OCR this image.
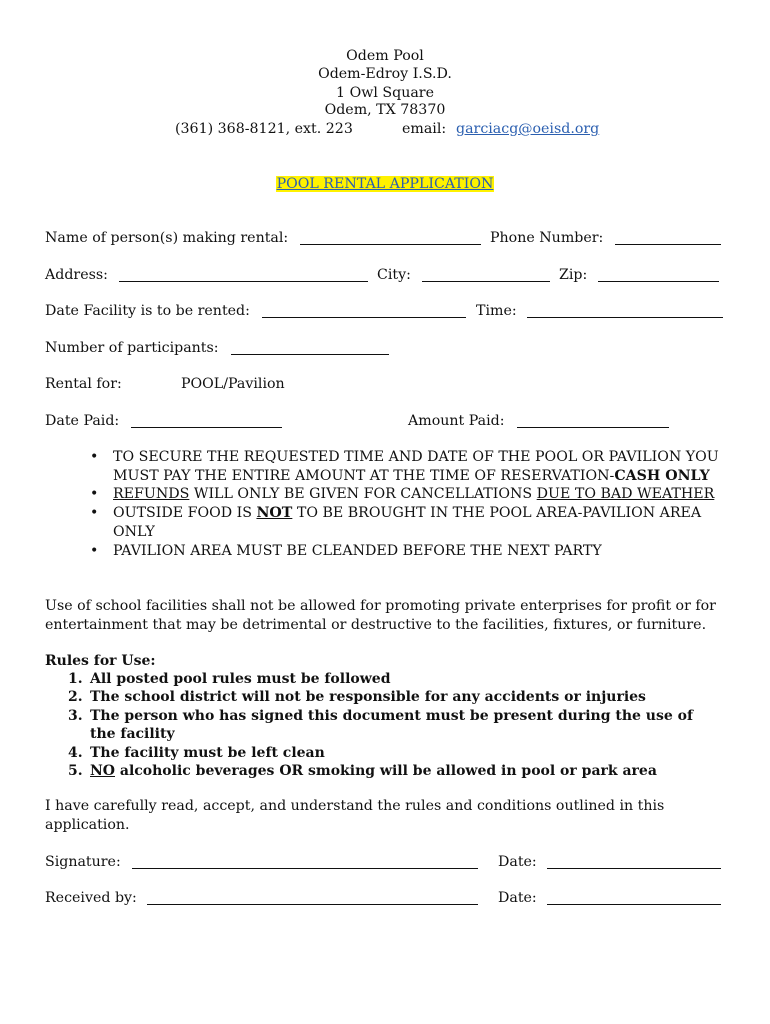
Odem Pool
Odem-Edroy I.S.D.
1 Owl Square
Odem, TX 78370
(361) 368-8121, ext. 223	email: garciacg@oeisd.org
POOL RENTAL APPLICATION
Name of person(s) making rental:	Phone Number:
Address:	City:	Zip:
Date Facility is to be rented:	Time:
Number of participants:
Rental for:	POOL/Pavilion
Date Paid:	Amount Paid:
• TO SECURE THE REQUESTED TIME AND DATE OF THE POOL OR PAVILION YOU MUST PAY THE ENTIRE AMOUNT AT THE TIME OF RESERVATION-CASH ONLY
• REFUNDS WILL ONLY BE GIVEN FOR CANCELLATIONS DUE TO BAD WEATHER
• OUTSIDE FOOD IS NOT TO BE BROUGHT IN THE POOL AREA-PAVILION AREA ONLY
• PAVILION AREA MUST BE CLEANDED BEFORE THE NEXT PARTY
Use of school facilities shall not be allowed for promoting private enterprises for profit or for entertainment that may be detrimental or destructive to the facilities, fixtures, or furniture.
Rules for Use:
1. All posted pool rules must be followed
2. The school district will not be responsible for any accidents or injuries
3. The person who has signed this document must be present during the use of the facility
4. The facility must be left clean
5. NO alcoholic beverages OR smoking will be allowed in pool or park area
I have carefully read, accept, and understand the rules and conditions outlined in this application.
Signature:	Date:
Received by:	Date:
